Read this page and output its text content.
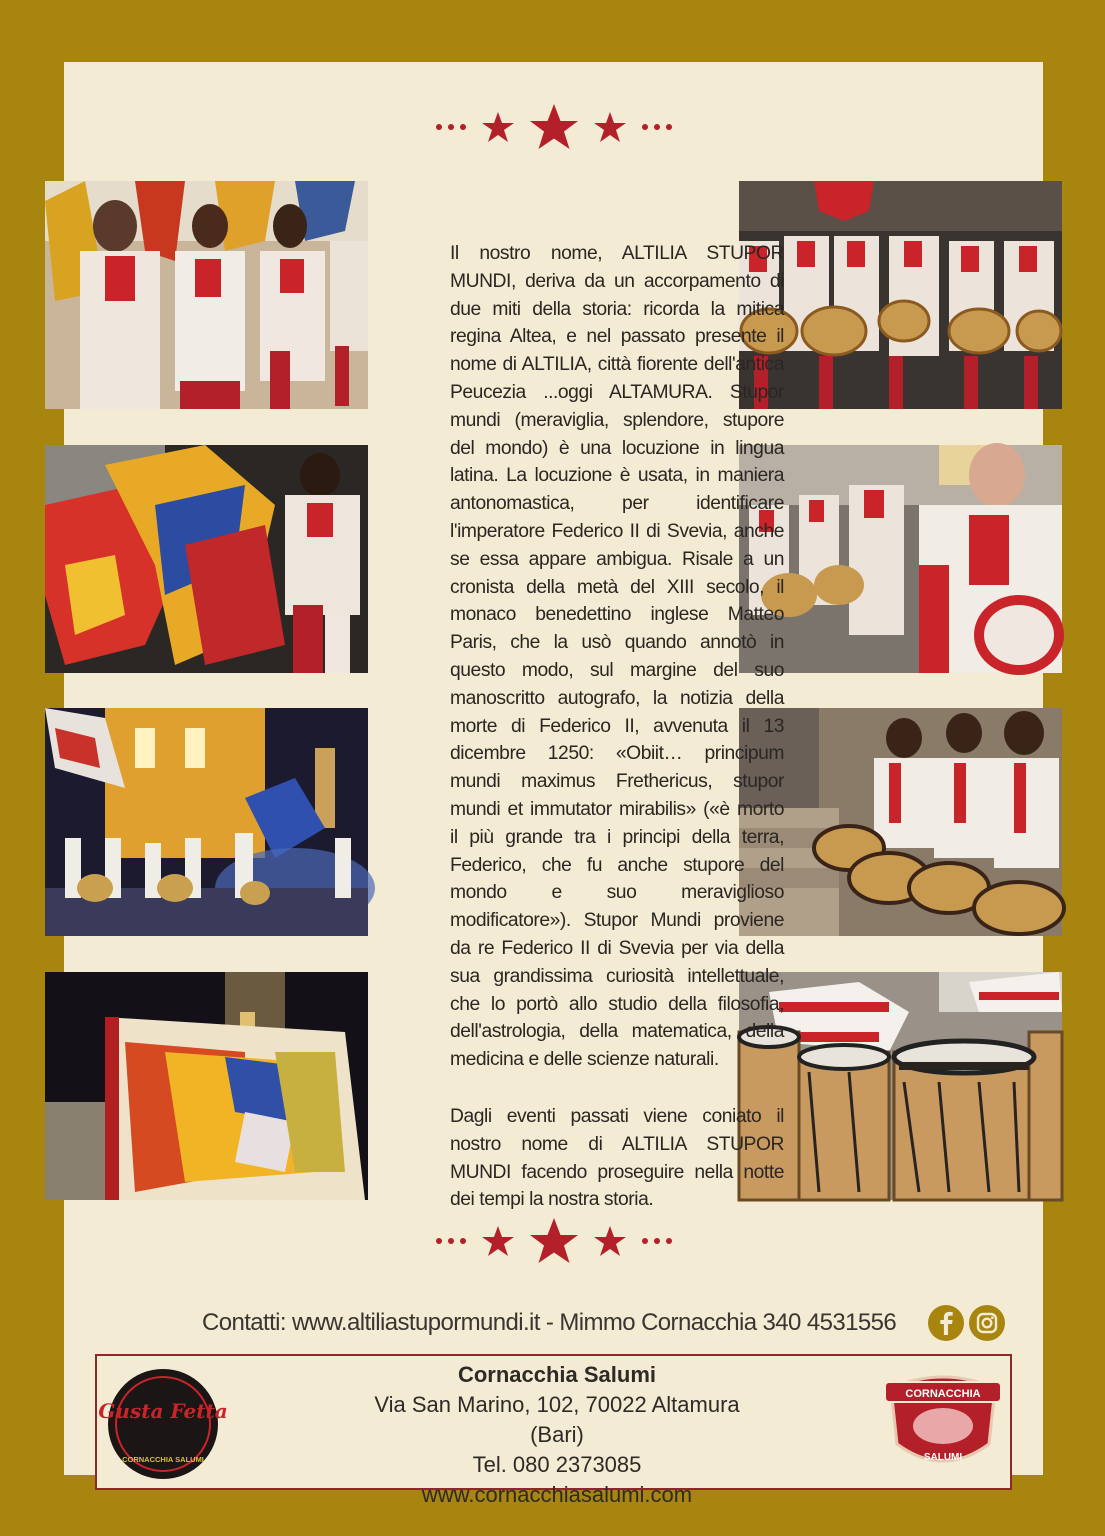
Il nostro nome, ALTILIA STUPOR MUNDI, deriva da un accorpamento di due miti della storia: ricorda la mitica regina Altea, e nel passato presente il nome di ALTILIA, città fiorente dell'antica Peucezia ...oggi ALTAMURA. Stupor mundi (meraviglia, splendore, stupore del mondo) è una locuzione in lingua latina. La locuzione è usata, in maniera antonomastica, per identificare l'imperatore Federico II di Svevia, anche se essa appare ambigua. Risale a un cronista della metà del XIII secolo, il monaco benedettino inglese Matteo Paris, che la usò quando annotò in questo modo, sul margine del suo manoscritto autografo, la notizia della morte di Federico II, avvenuta il 13 dicembre 1250: «Obiit… principum mundi maximus Frethericus, stupor mundi et immutator mirabilis» («è morto il più grande tra i principi della terra, Federico, che fu anche stupore del mondo e suo meraviglioso modificatore»). Stupor Mundi proviene da re Federico II di Svevia per via della sua grandissima curiosità intellettuale, che lo portò allo studio della filosofia, dell'astrologia, della matematica, della medicina e delle scienze naturali.

Dagli eventi passati viene coniato il nostro nome di ALTILIA STUPOR MUNDI facendo proseguire nella notte dei tempi la nostra storia.

Contatti: www.altiliastupormundi.it - Mimmo Cornacchia 340 4531556
Gusta Fetta
CORNACCHIA SALUMI
Cornacchia Salumi
Via San Marino, 102, 70022 Altamura (Bari)
Tel. 080 2373085
www.cornacchiasalumi.com
CORNACCHIA
SALUMI
